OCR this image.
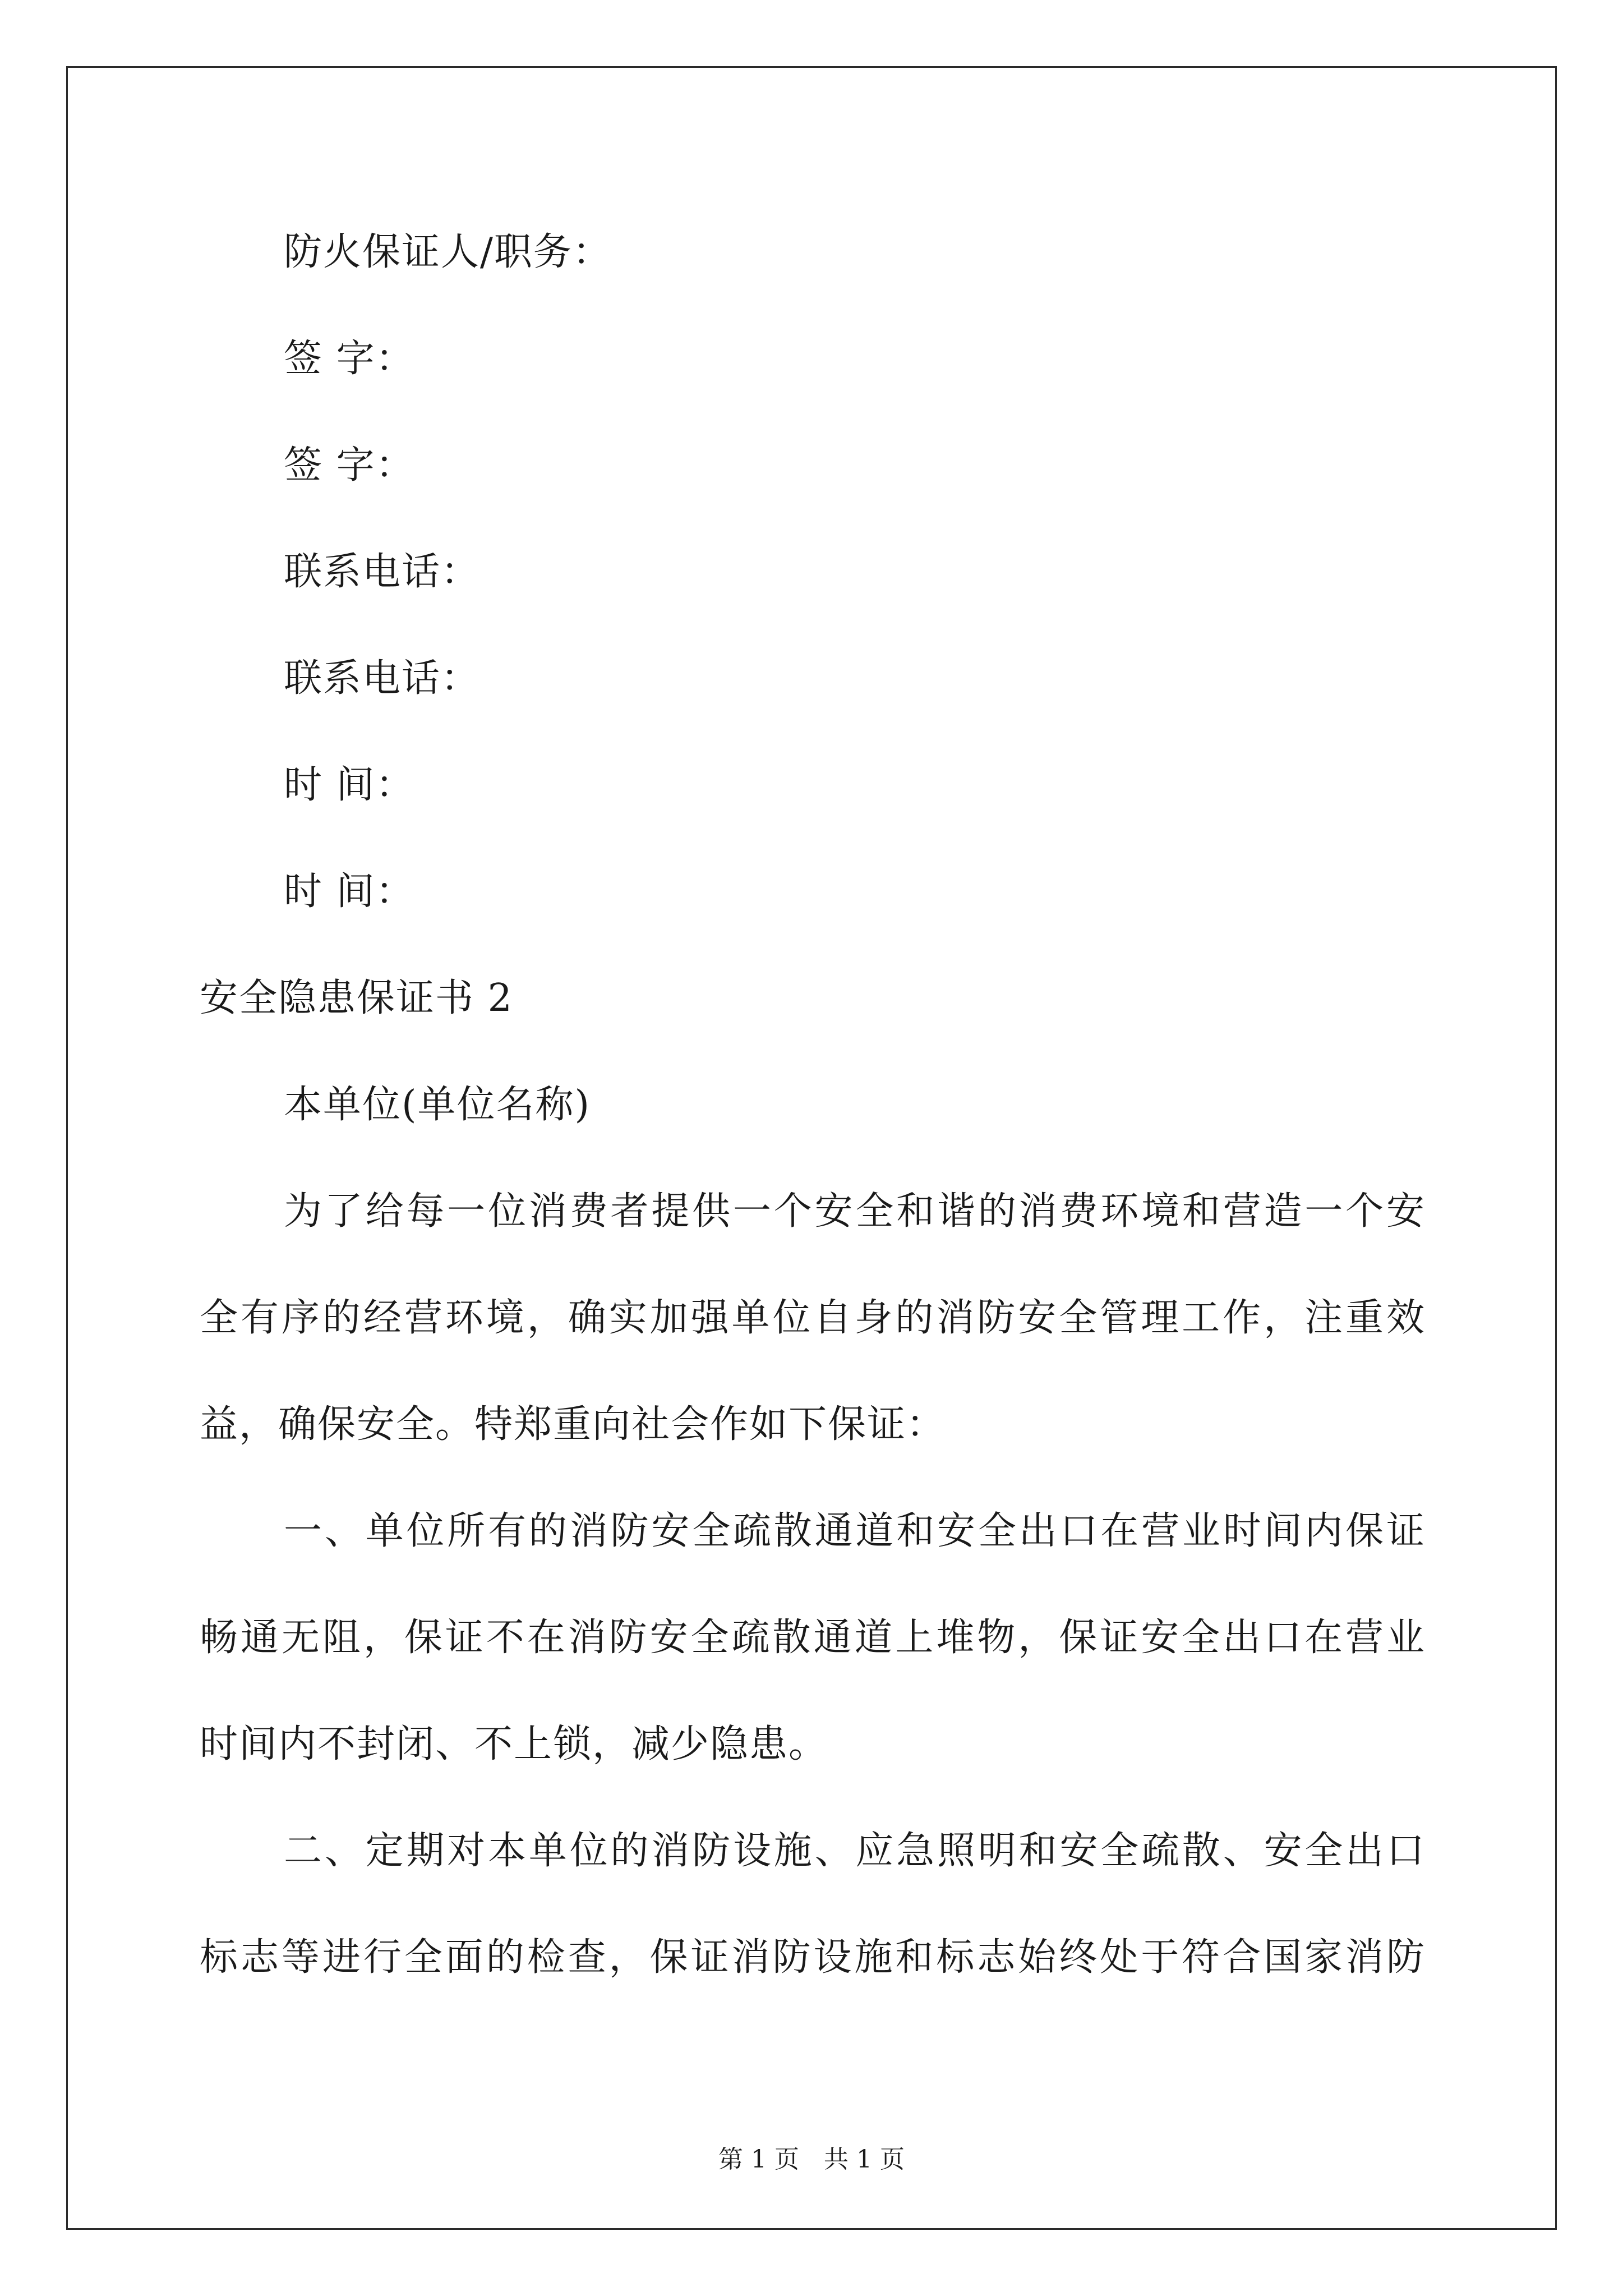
防火保证人/职务：
签 字：
签 字：
联系电话：
联系电话：
时 间：
时 间：
安全隐患保证书 2
本单位(单位名称)
为了给每一位消费者提供一个安全和谐的消费环境和营造一个安
全有序的经营环境，确实加强单位自身的消防安全管理工作，注重效
益，确保安全。特郑重向社会作如下保证：
一、单位所有的消防安全疏散通道和安全出口在营业时间内保证
畅通无阻，保证不在消防安全疏散通道上堆物，保证安全出口在营业
时间内不封闭、不上锁，减少隐患。
二、定期对本单位的消防设施、应急照明和安全疏散、安全出口
标志等进行全面的检查，保证消防设施和标志始终处于符合国家消防
第 1 页　共 1 页
